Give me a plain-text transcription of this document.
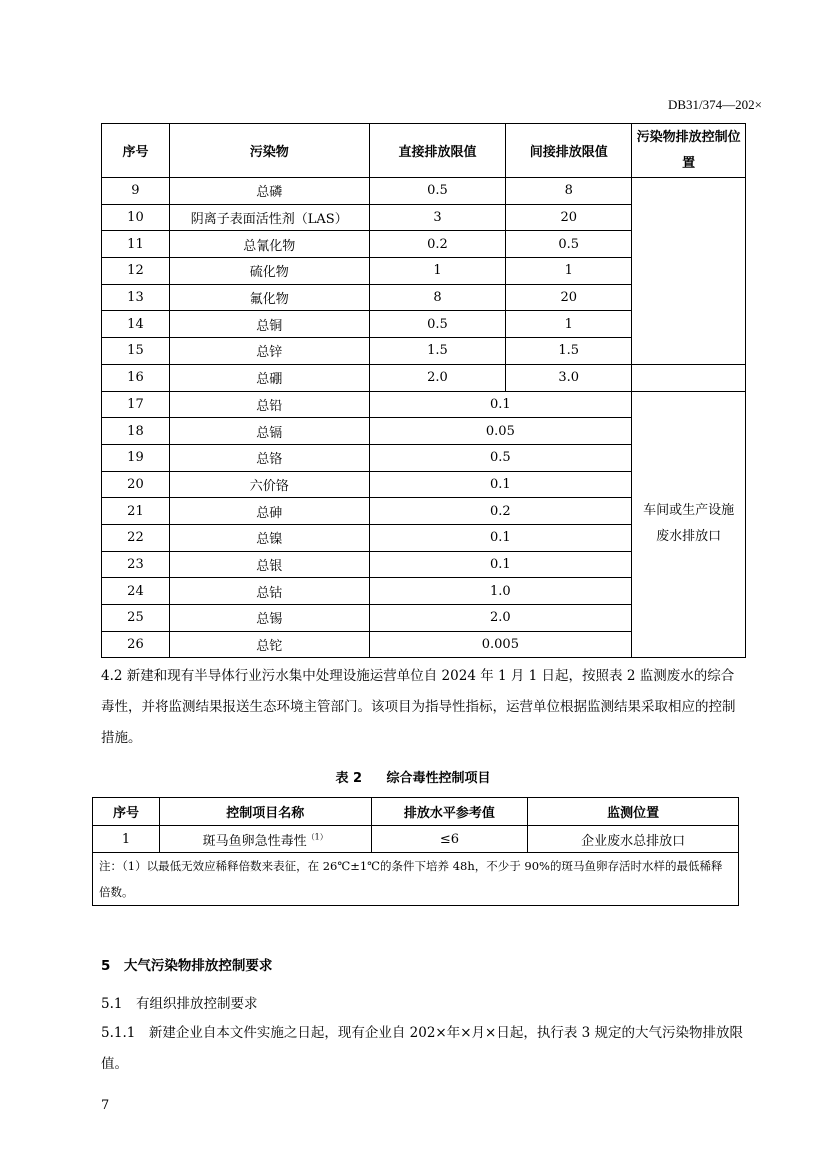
DB31/374—202×
序号	污染物	直接排放限值	间接排放限值	污染物排放控制位置
9	总磷	0.5	8	
10	阴离子表面活性剂（LAS）	3	20	
11	总氰化物	0.2	0.5	
12	硫化物	1	1	
13	氟化物	8	20	
14	总铜	0.5	1	
15	总锌	1.5	1.5	
16	总硼	2.0	3.0	
17	总铅	0.1		车间或生产设施废水排放口
18	总镉	0.05		
19	总铬	0.5		
20	六价铬	0.1		
21	总砷	0.2		
22	总镍	0.1		
23	总银	0.1		
24	总钴	1.0		
25	总锡	2.0		
26	总铊	0.005		

4.2 新建和现有半导体行业污水集中处理设施运营单位自 2024 年 1 月 1 日起，按照表 2 监测废水的综合毒性，并将监测结果报送生态环境主管部门。该项目为指导性指标，运营单位根据监测结果采取相应的控制措施。

表 2 综合毒性控制项目
序号	控制项目名称	排放水平参考值	监测位置
1	斑马鱼卵急性毒性$^{(1)}$	≤6	企业废水总排放口
注：（1）以最低无效应稀释倍数来表征，在 26℃±1℃的条件下培养 48h，不少于 90%的斑马鱼卵存活时水样的最低稀释倍数。			
5　大气污染物排放控制要求
5.1　有组织排放控制要求

5.1.1　新建企业自本文件实施之日起，现有企业自 202×年×月×日起，执行表 3 规定的大气污染物排放限值。

7
